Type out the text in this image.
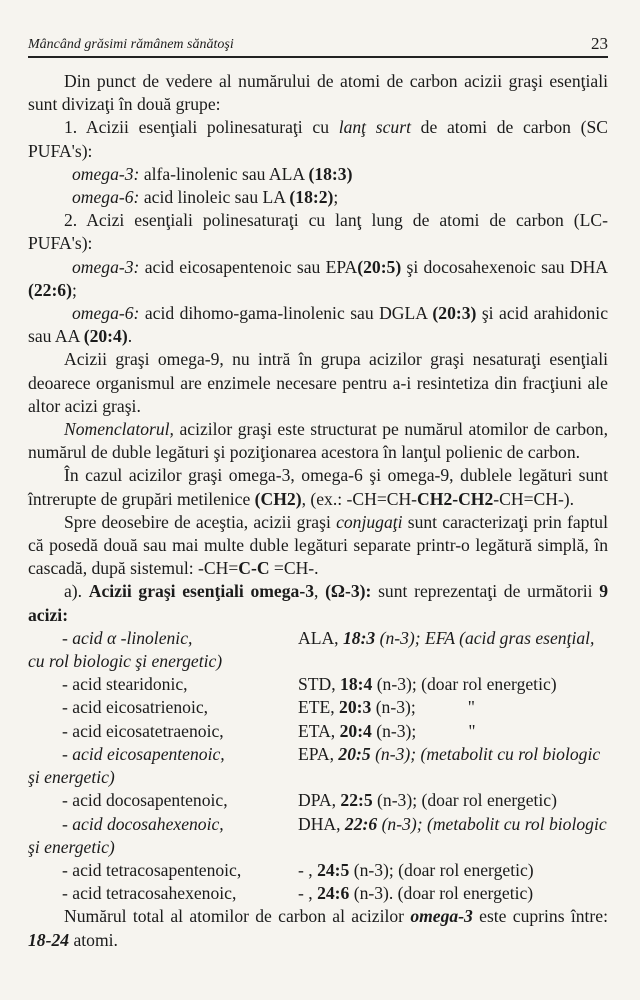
Mâncând grăsimi rămânem sănătoşi	23

Din punct de vedere al numărului de atomi de carbon acizii graşi esenţiali sunt divizaţi în două grupe:

1. Acizii esenţiali polinesaturaţi cu lanţ scurt de atomi de carbon (SC PUFA's):

omega-3: alfa-linolenic sau ALA (18:3)

omega-6: acid linoleic sau LA (18:2);

2. Acizi esenţiali polinesaturaţi cu lanţ lung de atomi de carbon (LC-PUFA's):

omega-3: acid eicosapentenoic sau EPA(20:5) şi docosahexenoic sau DHA (22:6);

omega-6: acid dihomo-gama-linolenic sau DGLA (20:3) şi acid arahidonic sau AA (20:4).

Acizii graşi omega-9, nu intră în grupa acizilor graşi nesaturaţi esenţiali deoarece organismul are enzimele necesare pentru a-i resintetiza din fracţiuni ale altor acizi graşi.

Nomenclatorul, acizilor graşi este structurat pe numărul atomilor de carbon, numărul de duble legături şi poziţionarea acestora în lanţul polienic de carbon.

În cazul acizilor graşi omega-3, omega-6 şi omega-9, dublele legături sunt întrerupte de grupări metilenice (CH2), (ex.: -CH=CH-CH2-CH2-CH=CH-).

Spre deosebire de aceştia, acizii graşi conjugaţi sunt caracterizaţi prin faptul că posedă două sau mai multe duble legături separate printr-o legătură simplă, în cascadă, după sistemul: -CH=C-C =CH-.

a). Acizii graşi esenţiali omega-3, (Ω-3): sunt reprezentaţi de următorii 9 acizi:

- acid α -linolenic,	ALA, 18:3 (n-3); EFA (acid gras esenţial,

cu rol biologic şi energetic)

- acid stearidonic,	STD, 18:4 (n-3); (doar rol energetic)
- acid eicosatrienoic,	ETE, 20:3 (n-3);	"
- acid eicosatetraenoic,	ETA, 20:4 (n-3);	"
- acid eicosapentenoic,	EPA, 20:5 (n-3); (metabolit cu rol biologic

şi energetic)

- acid docosapentenoic,	DPA, 22:5 (n-3); (doar rol energetic)
- acid docosahexenoic,	DHA, 22:6 (n-3); (metabolit cu rol biologic

şi energetic)

- acid tetracosapentenoic,	- , 24:5 (n-3); (doar rol energetic)
- acid tetracosahexenoic,	- , 24:6 (n-3). (doar rol energetic)

Numărul total al atomilor de carbon al acizilor omega-3 este cuprins între: 18-24 atomi.
